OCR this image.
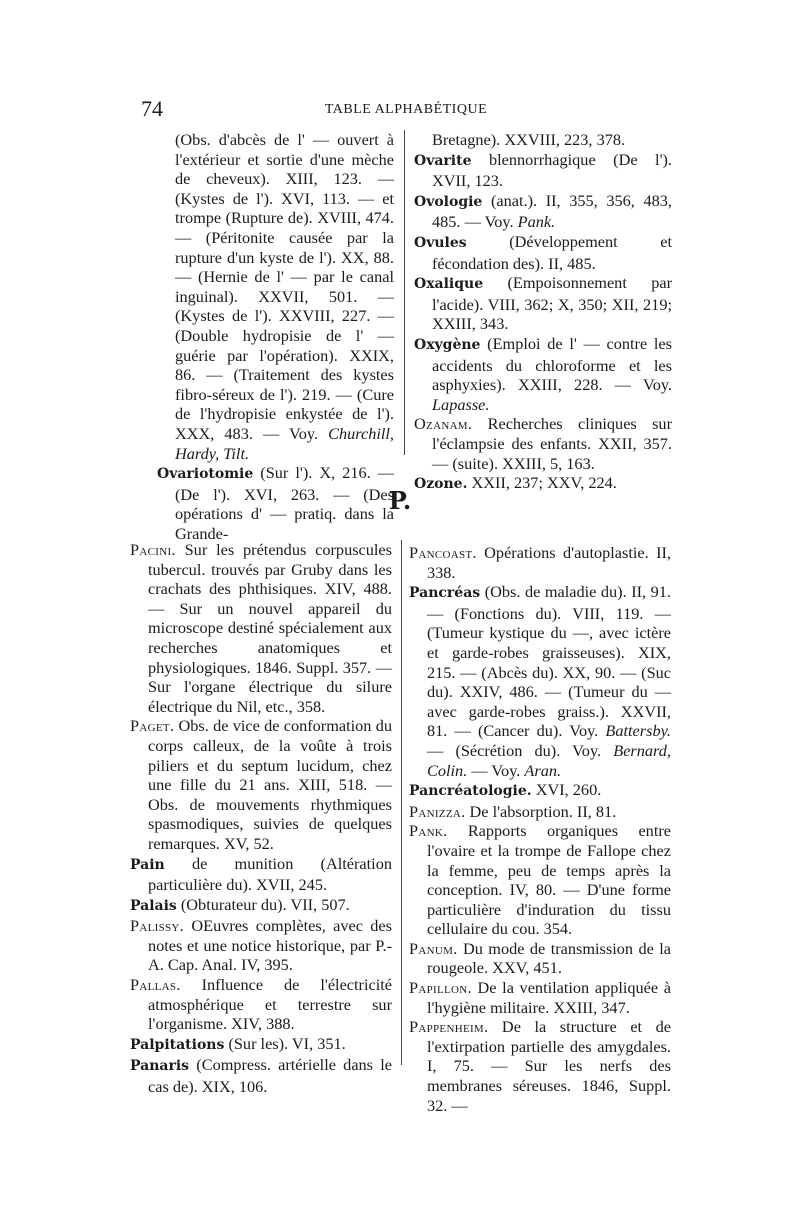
74	TABLE ALPHABÉTIQUE

(Obs. d'abcès de l' — ouvert à l'extérieur et sortie d'une mèche de cheveux). XIII, 123. — (Kystes de l'). XVI, 113. — et trompe (Rupture de). XVIII, 474. — (Péritonite causée par la rupture d'un kyste de l'). XX, 88. — (Hernie de l' — par le canal inguinal). XXVII, 501. — (Kystes de l'). XXVIII, 227. — (Double hydropisie de l' — guérie par l'opération). XXIX, 86. — (Traitement des kystes fibro-séreux de l'). 219. — (Cure de l'hydropisie enkystée de l'). XXX, 483. — Voy. Churchill, Hardy, Tilt.

Ovariotomie (Sur l'). X, 216. — (De l'). XVI, 263. — (Des opérations d' — pratiq. dans la Grande-

Bretagne). XXVIII, 223, 378.

Ovarite blennorrhagique (De l'). XVII, 123.

Ovologie (anat.). II, 355, 356, 483, 485. — Voy. Pank.

Ovules (Développement et fécondation des). II, 485.

Oxalique (Empoisonnement par l'acide). VIII, 362; X, 350; XII, 219; XXIII, 343.

Oxygène (Emploi de l' — contre les accidents du chloroforme et les asphyxies). XXIII, 228. — Voy. Lapasse.

Ozanam. Recherches cliniques sur l'éclampsie des enfants. XXII, 357. — (suite). XXIII, 5, 163.

Ozone. XXII, 237; XXV, 224.

P.

Pacini. Sur les prétendus corpuscules tubercul. trouvés par Gruby dans les crachats des phthisiques. XIV, 488. — Sur un nouvel appareil du microscope destiné spécialement aux recherches anatomiques et physiologiques. 1846. Suppl. 357. — Sur l'organe électrique du silure électrique du Nil, etc., 358.

Paget. Obs. de vice de conformation du corps calleux, de la voûte à trois piliers et du septum lucidum, chez une fille du 21 ans. XIII, 518. — Obs. de mouvements rhythmiques spasmodiques, suivies de quelques remarques. XV, 52.

Pain de munition (Altération particulière du). XVII, 245.

Palais (Obturateur du). VII, 507.

Palissy. OEuvres complètes, avec des notes et une notice historique, par P.-A. Cap. Anal. IV, 395.

Pallas. Influence de l'électricité atmosphérique et terrestre sur l'organisme. XIV, 388.

Palpitations (Sur les). VI, 351.

Panaris (Compress. artérielle dans le cas de). XIX, 106.

Pancoast. Opérations d'autoplastie. II, 338.

Pancréas (Obs. de maladie du). II, 91. — (Fonctions du). VIII, 119. — (Tumeur kystique du —, avec ictère et garde-robes graisseuses). XIX, 215. — (Abcès du). XX, 90. — (Suc du). XXIV, 486. — (Tumeur du — avec garde-robes graiss.). XXVII, 81. — (Cancer du). Voy. Battersby. — (Sécrétion du). Voy. Bernard, Colin. — Voy. Aran.

Pancréatologie. XVI, 260.

Panizza. De l'absorption. II, 81.

Pank. Rapports organiques entre l'ovaire et la trompe de Fallope chez la femme, peu de temps après la conception. IV, 80. — D'une forme particulière d'induration du tissu cellulaire du cou. 354.

Panum. Du mode de transmission de la rougeole. XXV, 451.

Papillon. De la ventilation appliquée à l'hygiène militaire. XXIII, 347.

Pappenheim. De la structure et de l'extirpation partielle des amygdales. I, 75. — Sur les nerfs des membranes séreuses. 1846, Suppl. 32. —
